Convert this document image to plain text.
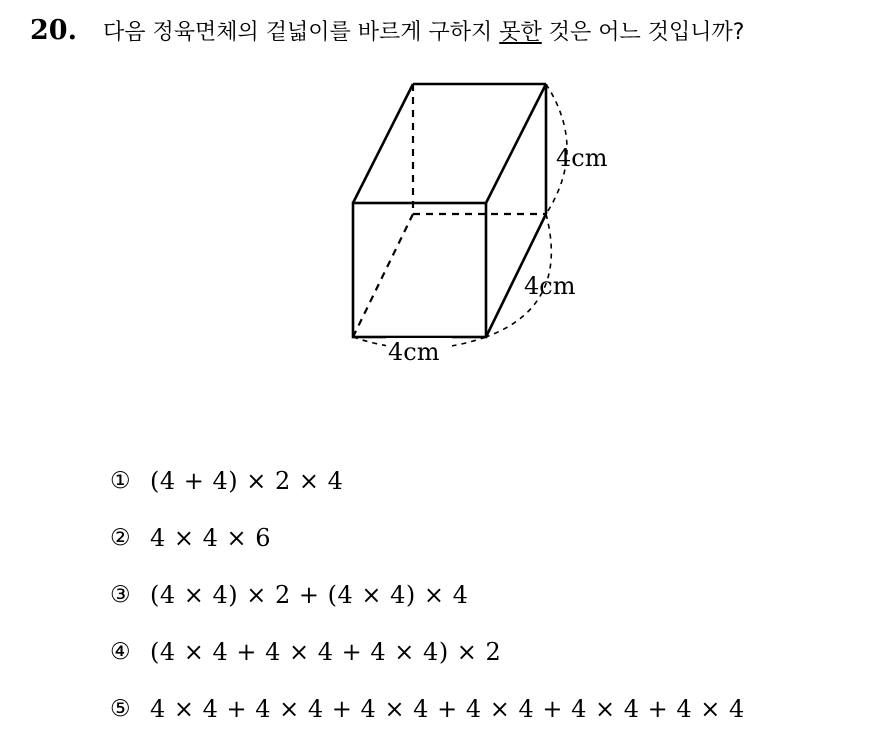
20. 다음 정육면체의 겉넓이를 바르게 구하지 못한 것은 어느 것입니까?
4cm
4cm
4cm
① (4 + 4) × 2 × 4
② 4 × 4 × 6
③ (4 × 4) × 2 + (4 × 4) × 4
④ (4 × 4 + 4 × 4 + 4 × 4) × 2
⑤ 4 × 4 + 4 × 4 + 4 × 4 + 4 × 4 + 4 × 4 + 4 × 4
